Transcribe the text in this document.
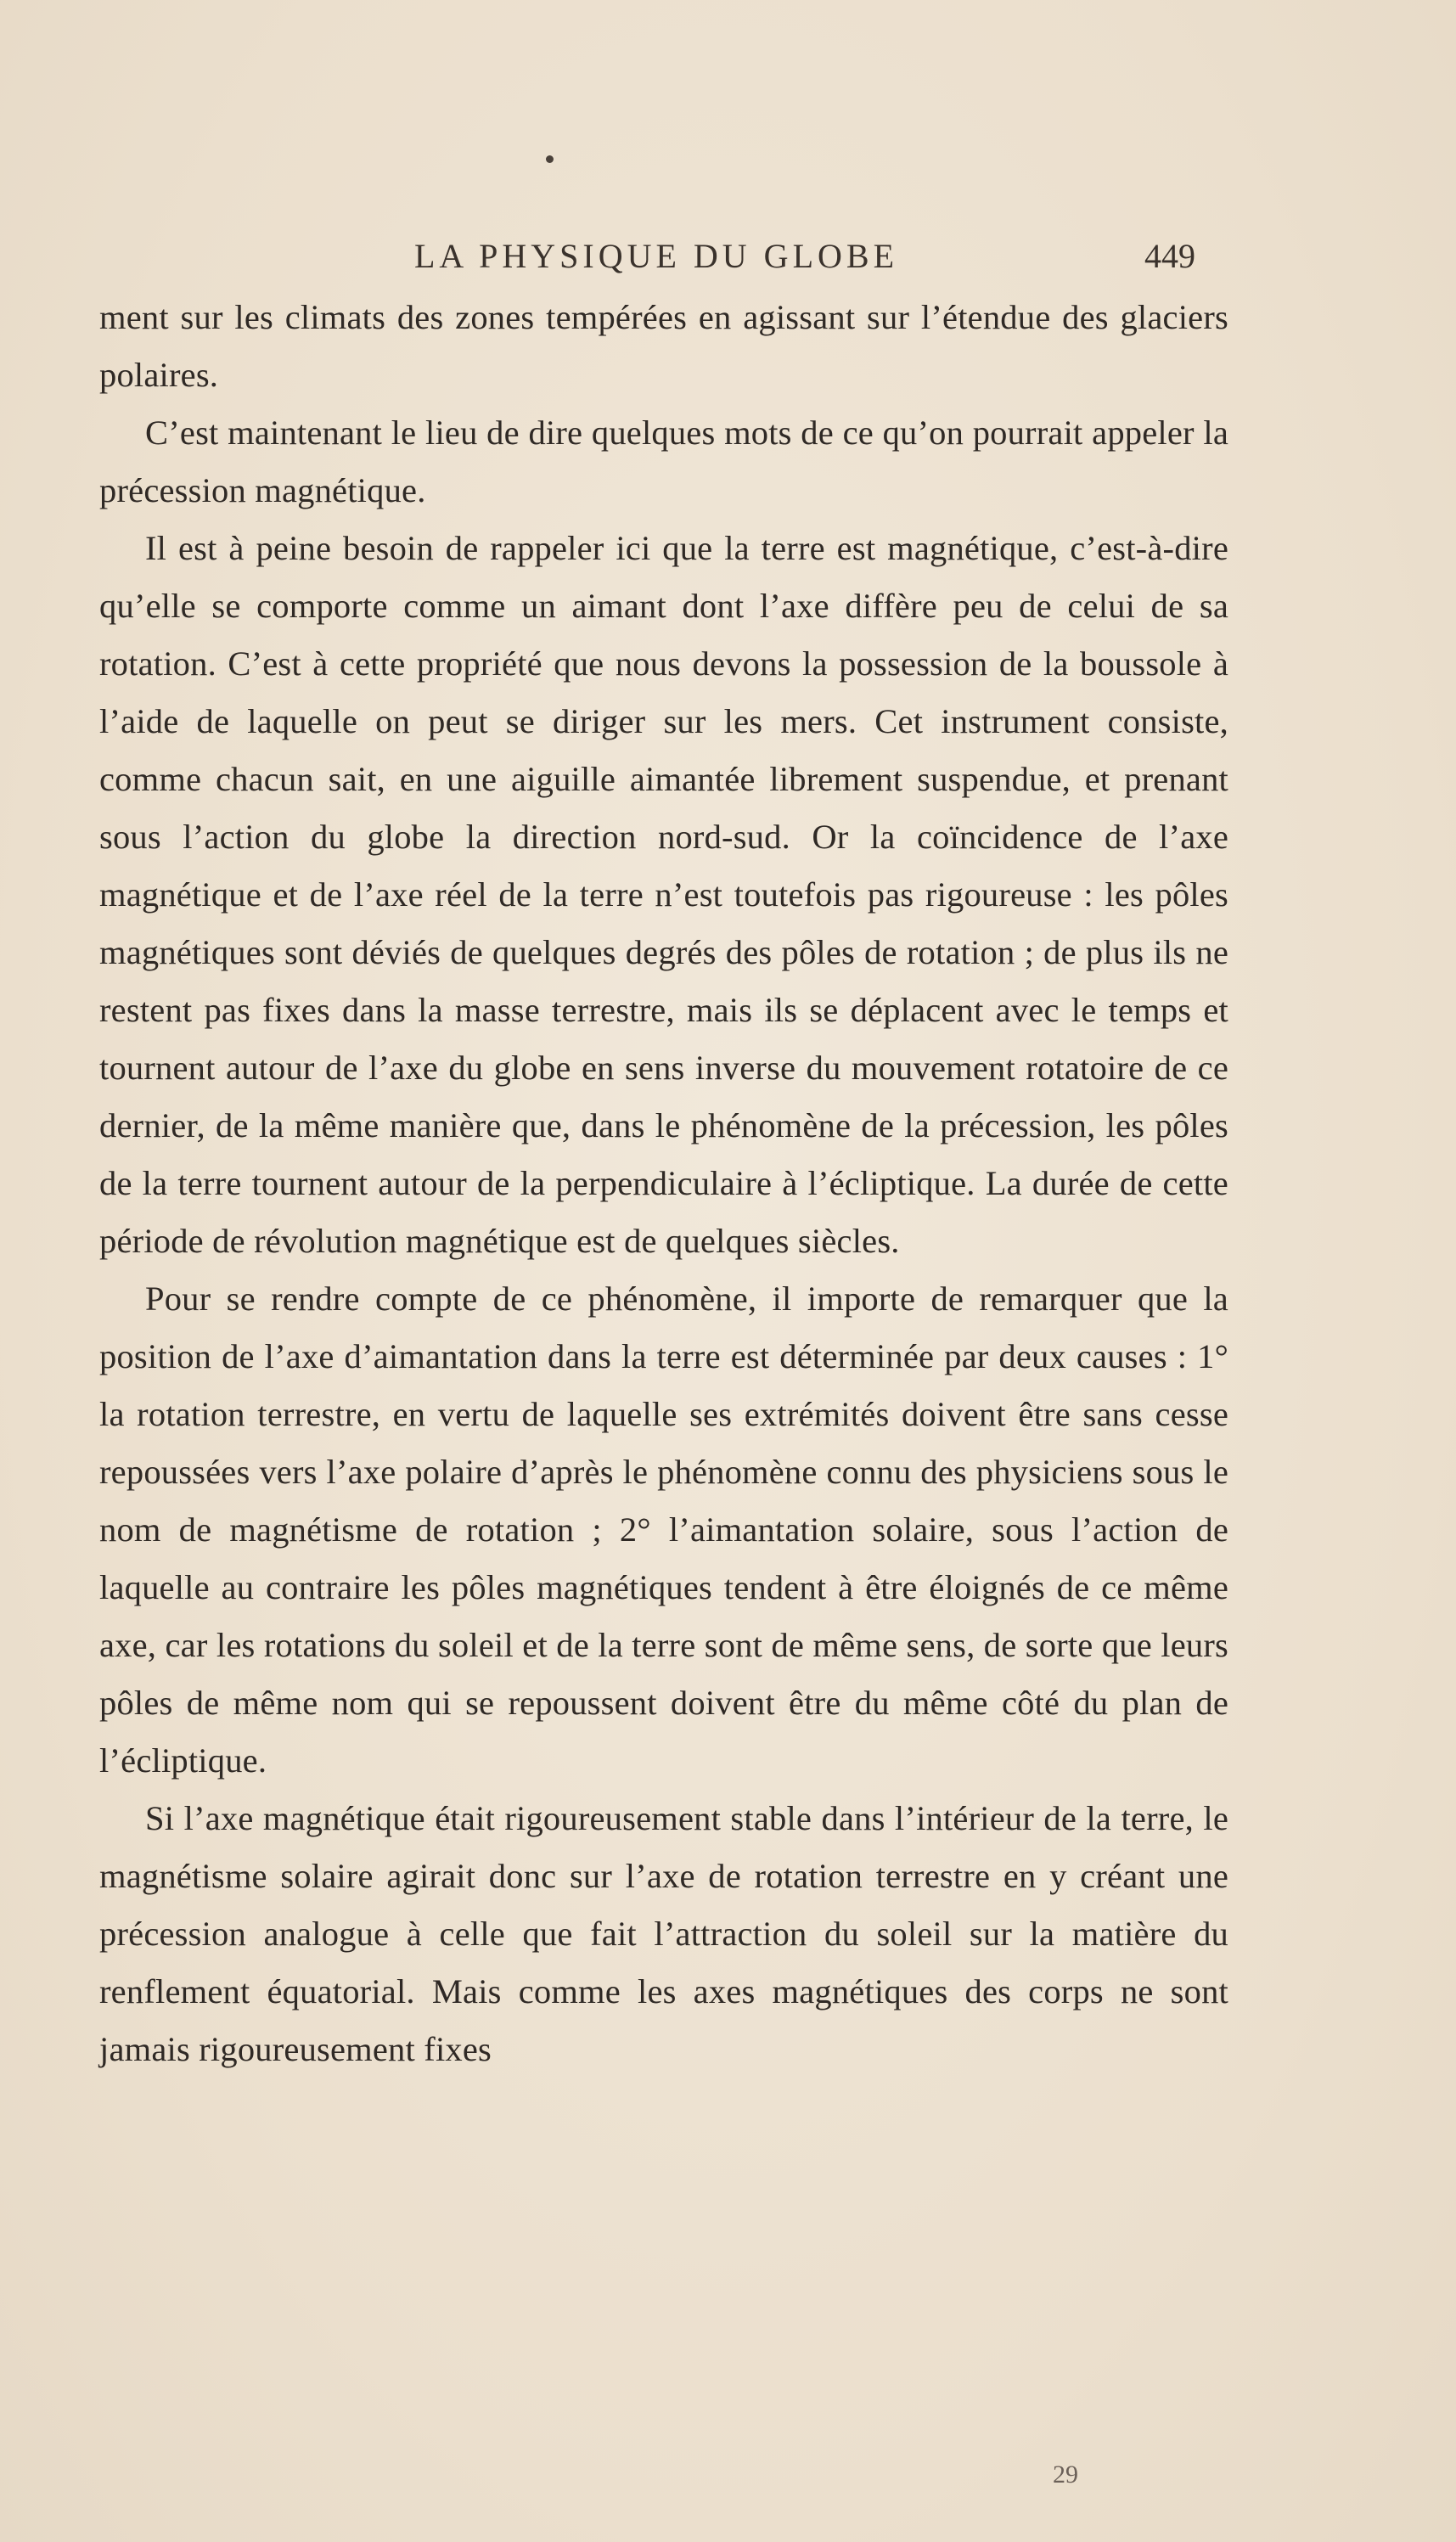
LA PHYSIQUE DU GLOBE	449

ment sur les climats des zones tempérées en agissant sur l’étendue des glaciers polaires.

C’est maintenant le lieu de dire quelques mots de ce qu’on pourrait appeler la précession magnétique.

Il est à peine besoin de rappeler ici que la terre est magnétique, c’est-à-dire qu’elle se comporte comme un aimant dont l’axe diffère peu de celui de sa rotation. C’est à cette propriété que nous devons la possession de la boussole à l’aide de laquelle on peut se diriger sur les mers. Cet instrument consiste, comme chacun sait, en une aiguille aimantée librement suspendue, et prenant sous l’action du globe la direction nord-sud. Or la coïncidence de l’axe magnétique et de l’axe réel de la terre n’est toutefois pas rigoureuse : les pôles magnétiques sont déviés de quelques degrés des pôles de rotation ; de plus ils ne restent pas fixes dans la masse terrestre, mais ils se déplacent avec le temps et tournent autour de l’axe du globe en sens inverse du mouvement rotatoire de ce dernier, de la même manière que, dans le phénomène de la précession, les pôles de la terre tournent autour de la perpendiculaire à l’écliptique. La durée de cette période de révolution magnétique est de quelques siècles.

Pour se rendre compte de ce phénomène, il importe de remarquer que la position de l’axe d’aimantation dans la terre est déterminée par deux causes : 1° la rotation terrestre, en vertu de laquelle ses extrémités doivent être sans cesse repoussées vers l’axe polaire d’après le phénomène connu des physiciens sous le nom de magnétisme de rotation ; 2° l’aimantation solaire, sous l’action de laquelle au contraire les pôles magnétiques tendent à être éloignés de ce même axe, car les rotations du soleil et de la terre sont de même sens, de sorte que leurs pôles de même nom qui se repoussent doivent être du même côté du plan de l’écliptique.

Si l’axe magnétique était rigoureusement stable dans l’intérieur de la terre, le magnétisme solaire agirait donc sur l’axe de rotation terrestre en y créant une précession analogue à celle que fait l’attraction du soleil sur la matière du renflement équatorial. Mais comme les axes magnétiques des corps ne sont jamais rigoureusement fixes

29
